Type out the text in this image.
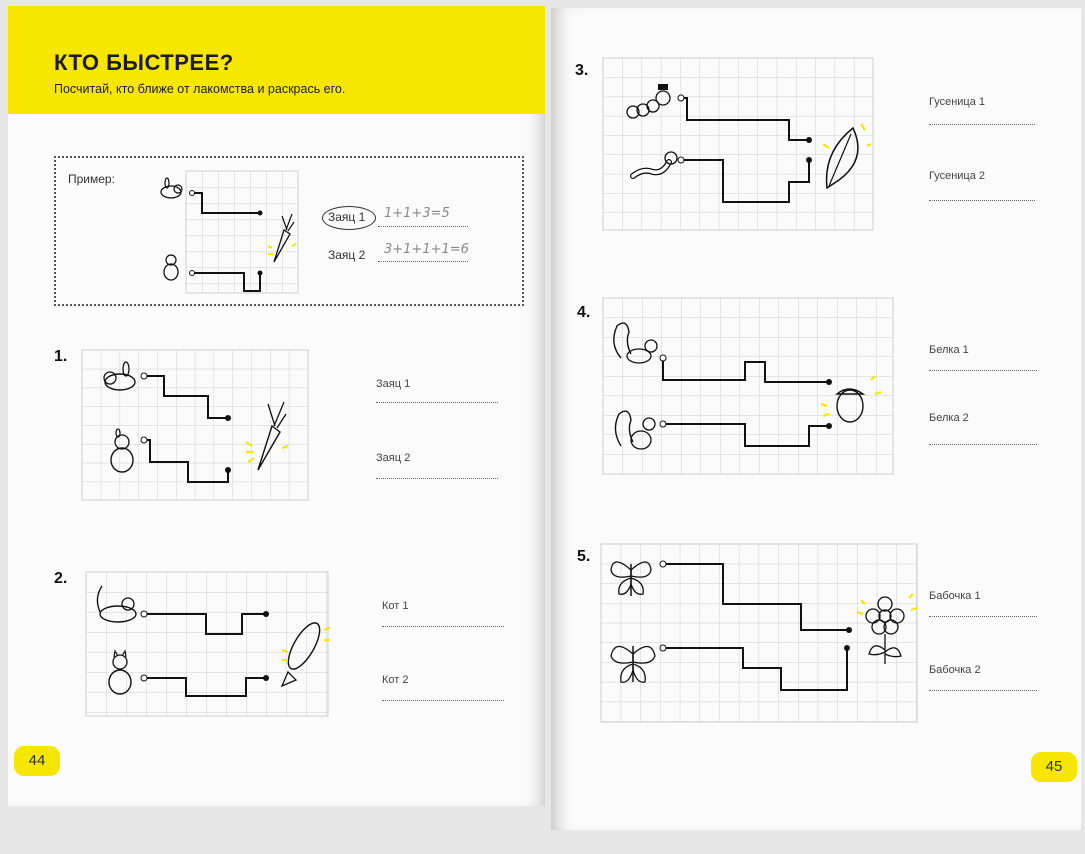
КТО БЫСТРЕЕ?
Посчитай, кто ближе от лакомства и раскрась его.
Пример:
Заяц 1 1+1+3=5
Заяц 2 3+1+1+1=6
1.
Заяц 1
Заяц 2
2.
Кот 1
Кот 2
44
3.
Гусеница 1
Гусеница 2
4.
Белка 1
Белка 2
5.
Бабочка 1
Бабочка 2
45
